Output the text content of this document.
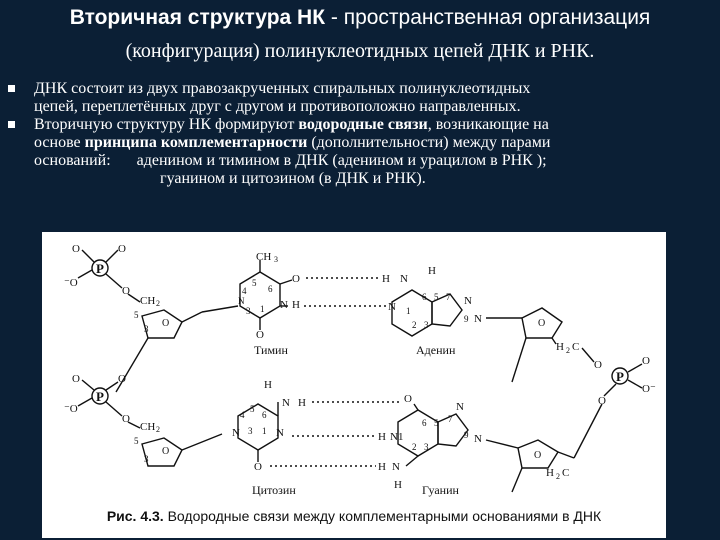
Вторичная структура НК - пространственная организация
(конфигурация) полинуклеотидных цепей ДНК и РНК.
ДНК состоит из двух правозакрученных спиральных полинуклеотидных
цепей, переплетённых друг с другом и противоположно направленных.
Вторичную структуру НК формируют водородные связи, возникающие на
основе принципа комплементарности (дополнительности) между парами
оснований: аденином и тимином в ДНК (аденином и урацилом в РНК );
гуанином и цитозином (в ДНК и РНК).
P
O	O
⁻O
O
CH 2
O
5
3
4
5
6
N
3 1
CH 3
O
O
N H
H N
H
N
6 5
1
2 3
7 N
9 N	O
H 2 C
O
P
O
O⁻
O
P
O	O
⁻O
O
CH 2
O
5
3
4
5
6
N 3 1 N
O
H
N H	O
H N1
6 5
2 3
7
N
9 N
H N
H
O
H 2 C
Тимин	Аденин
Цитозин	Гуанин
Рис. 4.3. Водородные связи между комплементарными основаниями в ДНК
